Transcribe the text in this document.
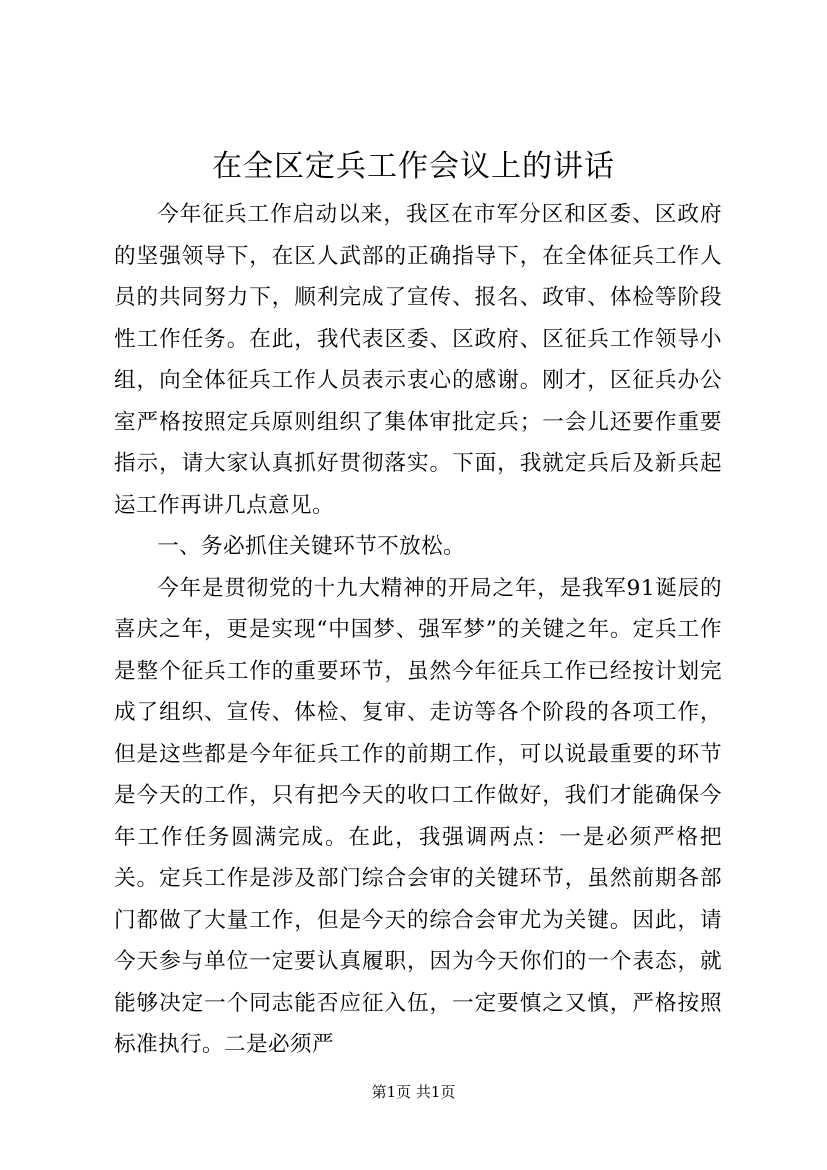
在全区定兵工作会议上的讲话

今年征兵工作启动以来，我区在市军分区和区委、区政府的坚强领导下，在区人武部的正确指导下，在全体征兵工作人员的共同努力下，顺利完成了宣传、报名、政审、体检等阶段性工作任务。在此，我代表区委、区政府、区征兵工作领导小组，向全体征兵工作人员表示衷心的感谢。刚才，区征兵办公室严格按照定兵原则组织了集体审批定兵；一会儿还要作重要指示，请大家认真抓好贯彻落实。下面，我就定兵后及新兵起运工作再讲几点意见。

一、务必抓住关键环节不放松。

今年是贯彻党的十九大精神的开局之年，是我军91诞辰的喜庆之年，更是实现“中国梦、强军梦”的关键之年。定兵工作是整个征兵工作的重要环节，虽然今年征兵工作已经按计划完成了组织、宣传、体检、复审、走访等各个阶段的各项工作，但是这些都是今年征兵工作的前期工作，可以说最重要的环节是今天的工作，只有把今天的收口工作做好，我们才能确保今年工作任务圆满完成。在此，我强调两点：一是必须严格把关。定兵工作是涉及部门综合会审的关键环节，虽然前期各部门都做了大量工作，但是今天的综合会审尤为关键。因此，请今天参与单位一定要认真履职，因为今天你们的一个表态，就能够决定一个同志能否应征入伍，一定要慎之又慎，严格按照标准执行。二是必须严

第1页 共1页
